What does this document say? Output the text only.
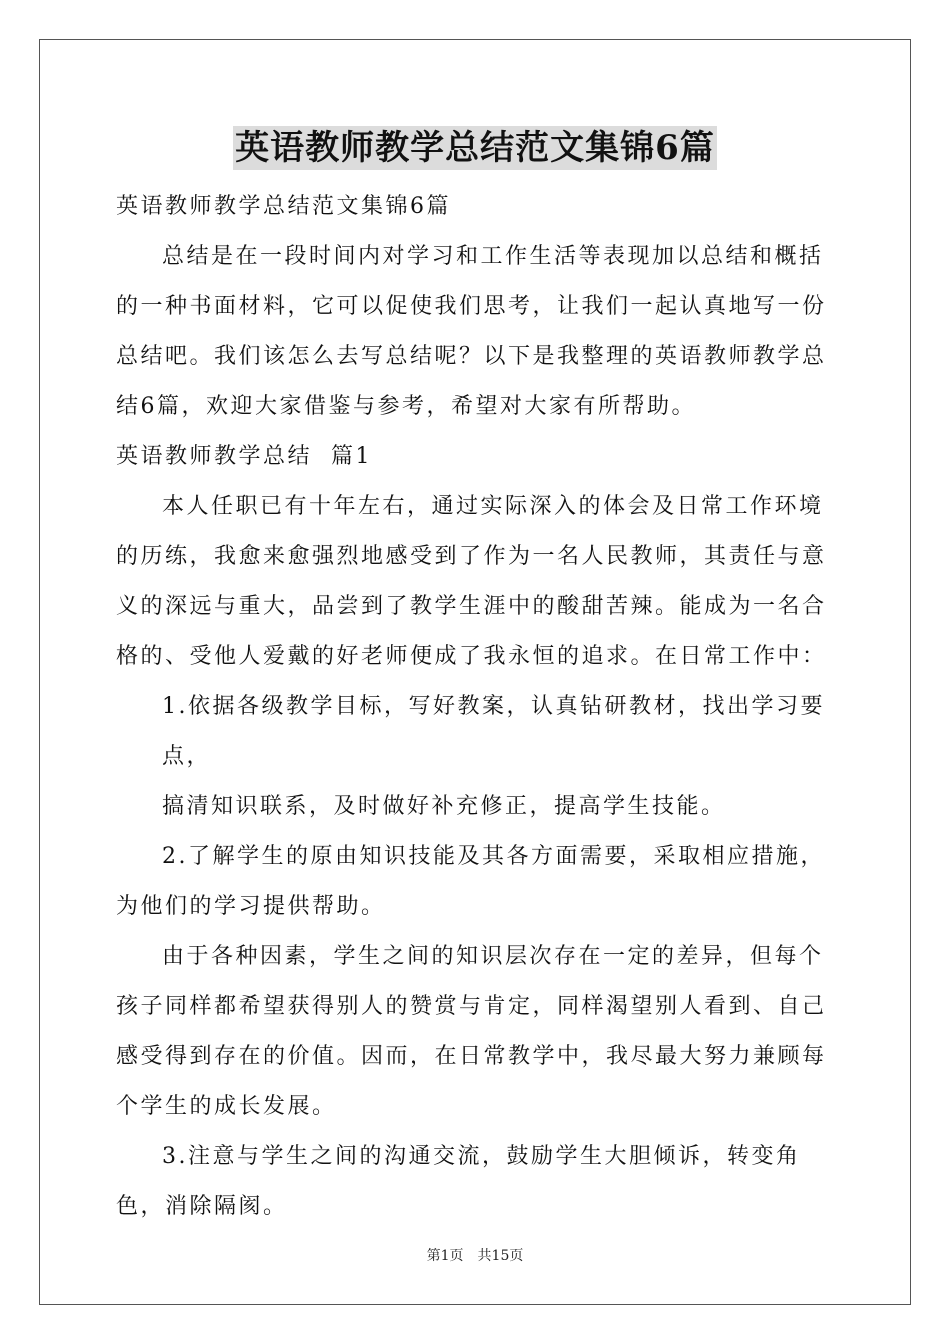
英语教师教学总结范文集锦6篇

英语教师教学总结范文集锦6篇

总结是在一段时间内对学习和工作生活等表现加以总结和概括的一种书面材料，它可以促使我们思考，让我们一起认真地写一份总结吧。我们该怎么去写总结呢？以下是我整理的英语教师教学总结6篇，欢迎大家借鉴与参考，希望对大家有所帮助。

英语教师教学总结  篇1

本人任职已有十年左右，通过实际深入的体会及日常工作环境的历练，我愈来愈强烈地感受到了作为一名人民教师，其责任与意义的深远与重大，品尝到了教学生涯中的酸甜苦辣。能成为一名合格的、受他人爱戴的好老师便成了我永恒的追求。在日常工作中：

1.依据各级教学目标，写好教案，认真钻研教材，找出学习要点，

搞清知识联系，及时做好补充修正，提高学生技能。

2.了解学生的原由知识技能及其各方面需要，采取相应措施，为他们的学习提供帮助。

由于各种因素，学生之间的知识层次存在一定的差异，但每个孩子同样都希望获得别人的赞赏与肯定，同样渴望别人看到、自己感受得到存在的价值。因而，在日常教学中，我尽最大努力兼顾每个学生的成长发展。

3.注意与学生之间的沟通交流，鼓励学生大胆倾诉，转变角色，消除隔阂。

第1页 共15页
